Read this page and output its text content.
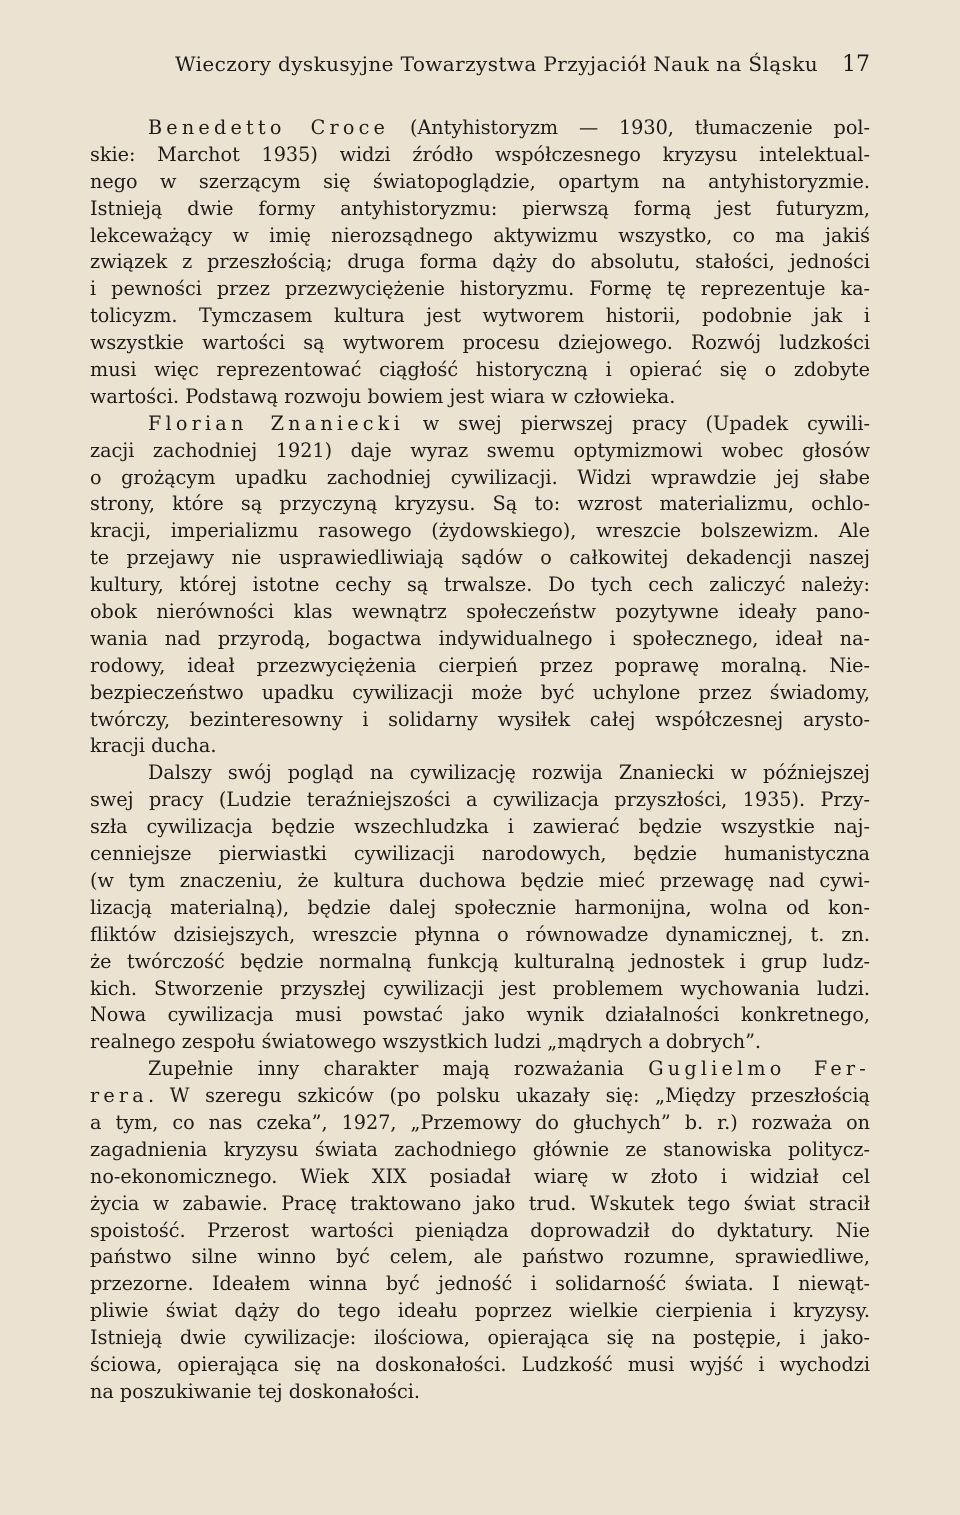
Wieczory dyskusyjne Towarzystwa Przyjaciół Nauk na Śląsku 17
Benedetto Croce (Antyhistoryzm — 1930, tłumaczenie pol-
skie: Marchot 1935) widzi źródło współczesnego kryzysu intelektual-
nego w szerzącym się światopoglądzie, opartym na antyhistoryzmie.
Istnieją dwie formy antyhistoryzmu: pierwszą formą jest futuryzm,
lekceważący w imię nierozsądnego aktywizmu wszystko, co ma jakiś
związek z przeszłością; druga forma dąży do absolutu, stałości, jedności
i pewności przez przezwyciężenie historyzmu. Formę tę reprezentuje ka-
tolicyzm. Tymczasem kultura jest wytworem historii, podobnie jak i
wszystkie wartości są wytworem procesu dziejowego. Rozwój ludzkości
musi więc reprezentować ciągłość historyczną i opierać się o zdobyte
wartości. Podstawą rozwoju bowiem jest wiara w człowieka.
Florian Znaniecki w swej pierwszej pracy (Upadek cywili-
zacji zachodniej 1921) daje wyraz swemu optymizmowi wobec głosów
o grożącym upadku zachodniej cywilizacji. Widzi wprawdzie jej słabe
strony, które są przyczyną kryzysu. Są to: wzrost materializmu, ochlo-
kracji, imperializmu rasowego (żydowskiego), wreszcie bolszewizm. Ale
te przejawy nie usprawiedliwiają sądów o całkowitej dekadencji naszej
kultury, której istotne cechy są trwalsze. Do tych cech zaliczyć należy:
obok nierówności klas wewnątrz społeczeństw pozytywne ideały pano-
wania nad przyrodą, bogactwa indywidualnego i społecznego, ideał na-
rodowy, ideał przezwyciężenia cierpień przez poprawę moralną. Nie-
bezpieczeństwo upadku cywilizacji może być uchylone przez świadomy,
twórczy, bezinteresowny i solidarny wysiłek całej współczesnej arysto-
kracji ducha.
Dalszy swój pogląd na cywilizację rozwija Znaniecki w późniejszej
swej pracy (Ludzie teraźniejszości a cywilizacja przyszłości, 1935). Przy-
szła cywilizacja będzie wszechludzka i zawierać będzie wszystkie naj-
cenniejsze pierwiastki cywilizacji narodowych, będzie humanistyczna
(w tym znaczeniu, że kultura duchowa będzie mieć przewagę nad cywi-
lizacją materialną), będzie dalej społecznie harmonijna, wolna od kon-
fliktów dzisiejszych, wreszcie płynna o równowadze dynamicznej, t. zn.
że twórczość będzie normalną funkcją kulturalną jednostek i grup ludz-
kich. Stworzenie przyszłej cywilizacji jest problemem wychowania ludzi.
Nowa cywilizacja musi powstać jako wynik działalności konkretnego,
realnego zespołu światowego wszystkich ludzi „mądrych a dobrych”.
Zupełnie inny charakter mają rozważania Guglielmo Fer-
rera. W szeregu szkiców (po polsku ukazały się: „Między przeszłością
a tym, co nas czeka”, 1927, „Przemowy do głuchych” b. r.) rozważa on
zagadnienia kryzysu świata zachodniego głównie ze stanowiska politycz-
no-ekonomicznego. Wiek XIX posiadał wiarę w złoto i widział cel
życia w zabawie. Pracę traktowano jako trud. Wskutek tego świat stracił
spoistość. Przerost wartości pieniądza doprowadził do dyktatury. Nie
państwo silne winno być celem, ale państwo rozumne, sprawiedliwe,
przezorne. Ideałem winna być jedność i solidarność świata. I niewąt-
pliwie świat dąży do tego ideału poprzez wielkie cierpienia i kryzysy.
Istnieją dwie cywilizacje: ilościowa, opierająca się na postępie, i jako-
ściowa, opierająca się na doskonałości. Ludzkość musi wyjść i wychodzi
na poszukiwanie tej doskonałości.
